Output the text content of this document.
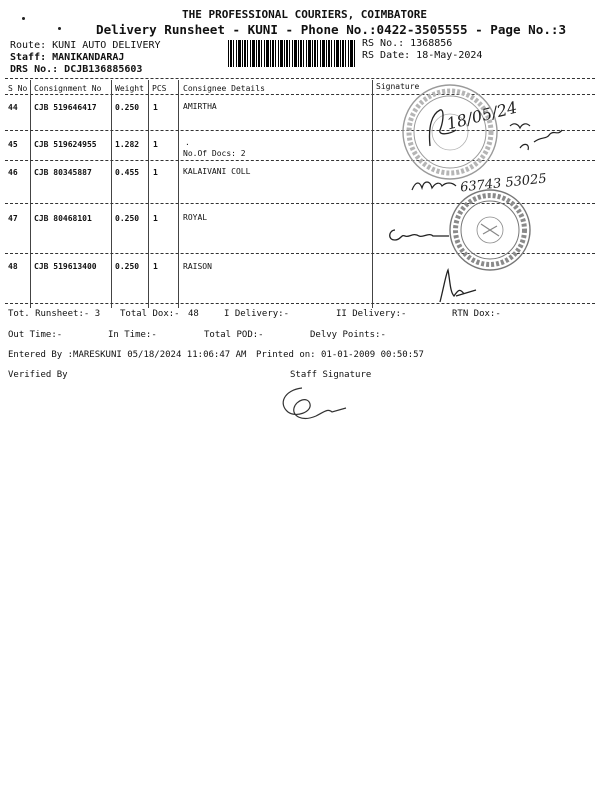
THE PROFESSIONAL COURIERS, COIMBATORE
Delivery Runsheet - KUNI - Phone No.:0422-3505555 - Page No.:3
Route: KUNI AUTO DELIVERY
Staff: MANIKANDARAJ
DRS No.: DCJB136885603
RS No.: 1368856
RS Date: 18-May-2024
S No Consignment No Weight PCS Consignee Details	Signature
44 CJB 519646417 0.250 1	AMIRTHA
45 CJB 519624955 1.282 1	.
No.Of Docs: 2
46 CJB 80345887	0.455 1	KALAIVANI COLL
47 CJB 80468101	0.250 1	ROYAL
48 CJB 519613400 0.250 1	RAISON
Tot. Runsheet:- 3 Total Dox:- 48	I Delivery:-	II Delivery:-	RTN Dox:-
Out Time:-	In Time:-	Total POD:-	Delvy Points:-
Entered By :MARESKUNI 05/18/2024 11:06:47 AM Printed on: 01-01-2009 00:50:57
Verified By	Staff Signature
18/05/24
63743 53025
